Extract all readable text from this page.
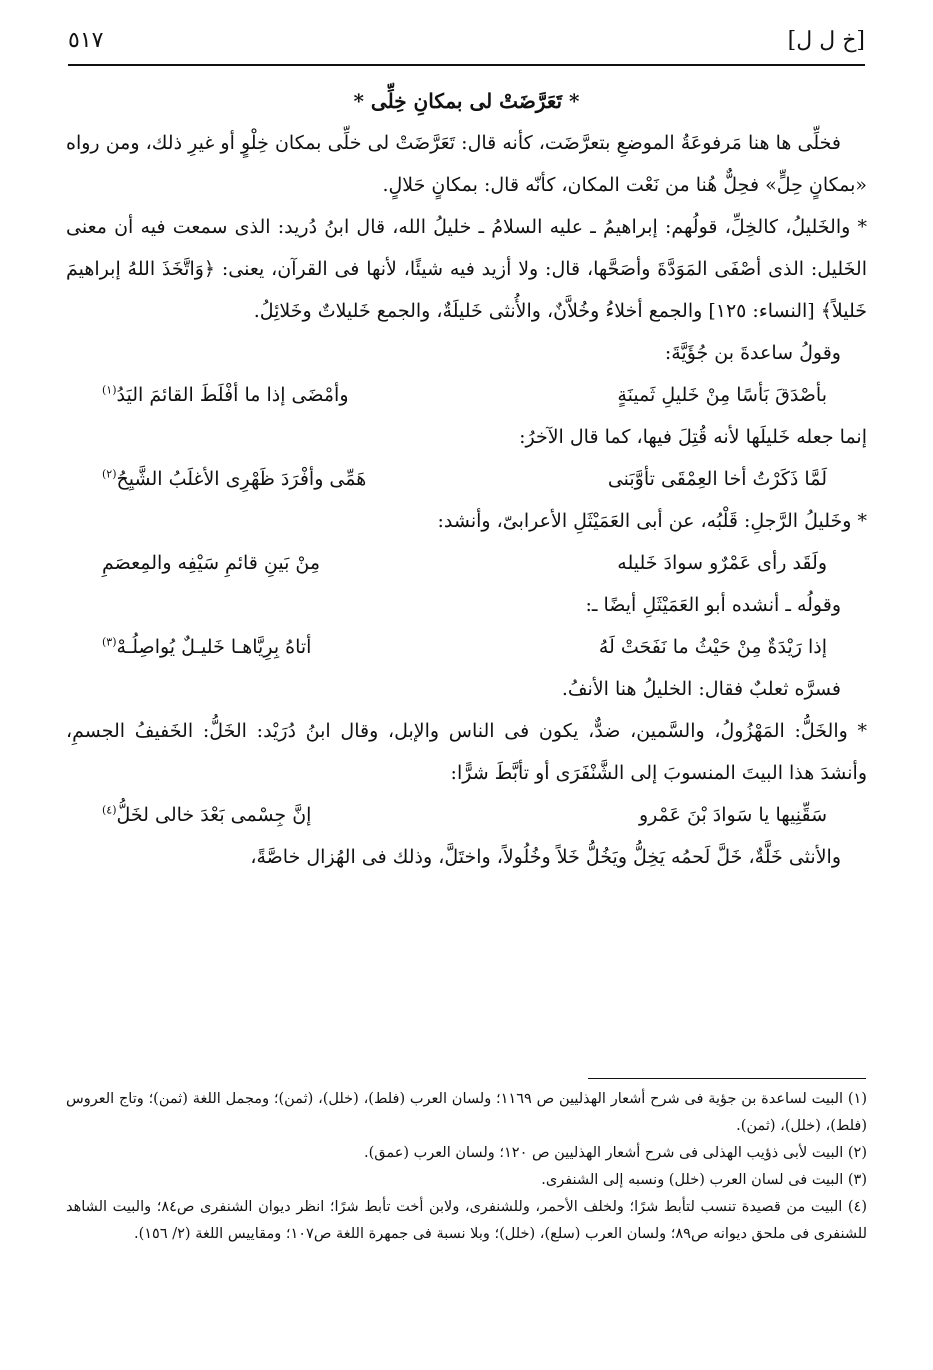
[خ ل ل]
٥١٧
* تَعَرَّضَتْ لى بمكانِ خِلِّى *

فخلِّى ها هنا مَرفوعَةُ الموضعِ بتعرَّضَت، كأنه قال: تَعَرَّضَتْ لى خلِّى بمكان خِلْوٍ أو غيرِ ذلك، ومن رواه «بمكانٍ حِلٍّ» فحِلٌّ هُنا من نَعْت المكان، كأنّه قال: بمكانٍ حَلالٍ.

* والخَليلُ، كالخِلِّ، قولُهم: إبراهيمُ ـ عليه السلامُ ـ خليلُ الله، قال ابنُ دُريد: الذى سمعت فيه أن معنى الخَليل: الذى أصْفَى المَوَدَّةَ وأصَحَّها، قال: ولا أزيد فيه شيئًا، لأنها فى القرآن، يعنى: ﴿وَاتَّخَذَ اللهُ إبراهيمَ خَليلاً﴾ [النساء: ١٢٥] والجمع أخلاءُ وخُلاَّنٌ، والأُنثى خَليلَةٌ، والجمع خَليلاتٌ وخَلائِلُ.

وقولُ ساعدةَ بن جُؤَيَّةَ:

بأصْدَقَ بَأسًا مِنْ خَليلِ ثَمينَةٍ
وأمْضَى إذا ما أفْلَطَ القائمَ اليَدُ$^{(١)}$

إنما جعله خَليلَها لأنه قُتِلَ فيها، كما قال الآخرُ:

لَمَّا ذَكَرْتُ أخا العِمْقَى تأوَّبَنى
هَمِّى وأفْرَدَ ظَهْرِى الأغلَبُ الشَّيِحُ$^{(٢)}$

* وخَليلُ الرَّجلِ: قَلْبُه، عن أبى العَمَيْثَلِ الأعرابىّ، وأنشد:

ولَقَد رأى عَمْرٌو سوادَ خَليله
مِنْ بَينِ قائمِ سَيْفِه والمِعصَمِ

وقولُه ـ أنشده أبو العَمَيْثَلِ أيضًا ـ:

إذا رَيْدَةٌ مِنْ حَيْثُ ما نَفَحَتْ لَهُ
أتاهُ بِرِيَّاهـا خَليـلٌ يُواصِلُـهْ$^{(٣)}$

فسرَّه ثعلبٌ فقال: الخليلُ هنا الأنفُ.

* والخَلُّ: المَهْزُولُ، والسَّمين، ضدٌّ، يكون فى الناس والإبل، وقال ابنُ دُرَيْد: الخَلُّ: الخَفيفُ الجسمِ، وأنشدَ هذا البيتَ المنسوبَ إلى الشَّنْفَرَى أو تأبَّطَ شرًّا:

سَقِّنِيها يا سَوادَ بْنَ عَمْرو
إنَّ جِسْمى بَعْدَ خالى لخَلُّ$^{(٤)}$

والأنثى خَلَّةٌ، خَلَّ لَحمُه يَخِلُّ ويَخُلُّ خَلاً وخُلُولاً، واختَلَّ، وذلك فى الهُزال خاصَّةً،

(١) البيت لساعدة بن جؤية فى شرح أشعار الهذليين ص ١١٦٩؛ ولسان العرب (فلط)، (خلل)، (ثمن)؛ ومجمل اللغة (ثمن)؛ وتاج العروس (فلط)، (خلل)، (ثمن).

(٢) البيت لأبى ذؤيب الهذلى فى شرح أشعار الهذليين ص ١٢٠؛ ولسان العرب (عمق).

(٣) البيت فى لسان العرب (خلل) ونسبه إلى الشنفرى.

(٤) البيت من قصيدة تنسب لتأبط شرًا؛ ولخلف الأحمر، وللشنفرى، ولابن أخت تأبط شرًا؛ انظر ديوان الشنفرى ص٨٤؛ والبيت الشاهد للشنفرى فى ملحق ديوانه ص٨٩؛ ولسان العرب (سلع)، (خلل)؛ وبلا نسبة فى جمهرة اللغة ص١٠٧؛ ومقاييس اللغة (٢/ ١٥٦).
